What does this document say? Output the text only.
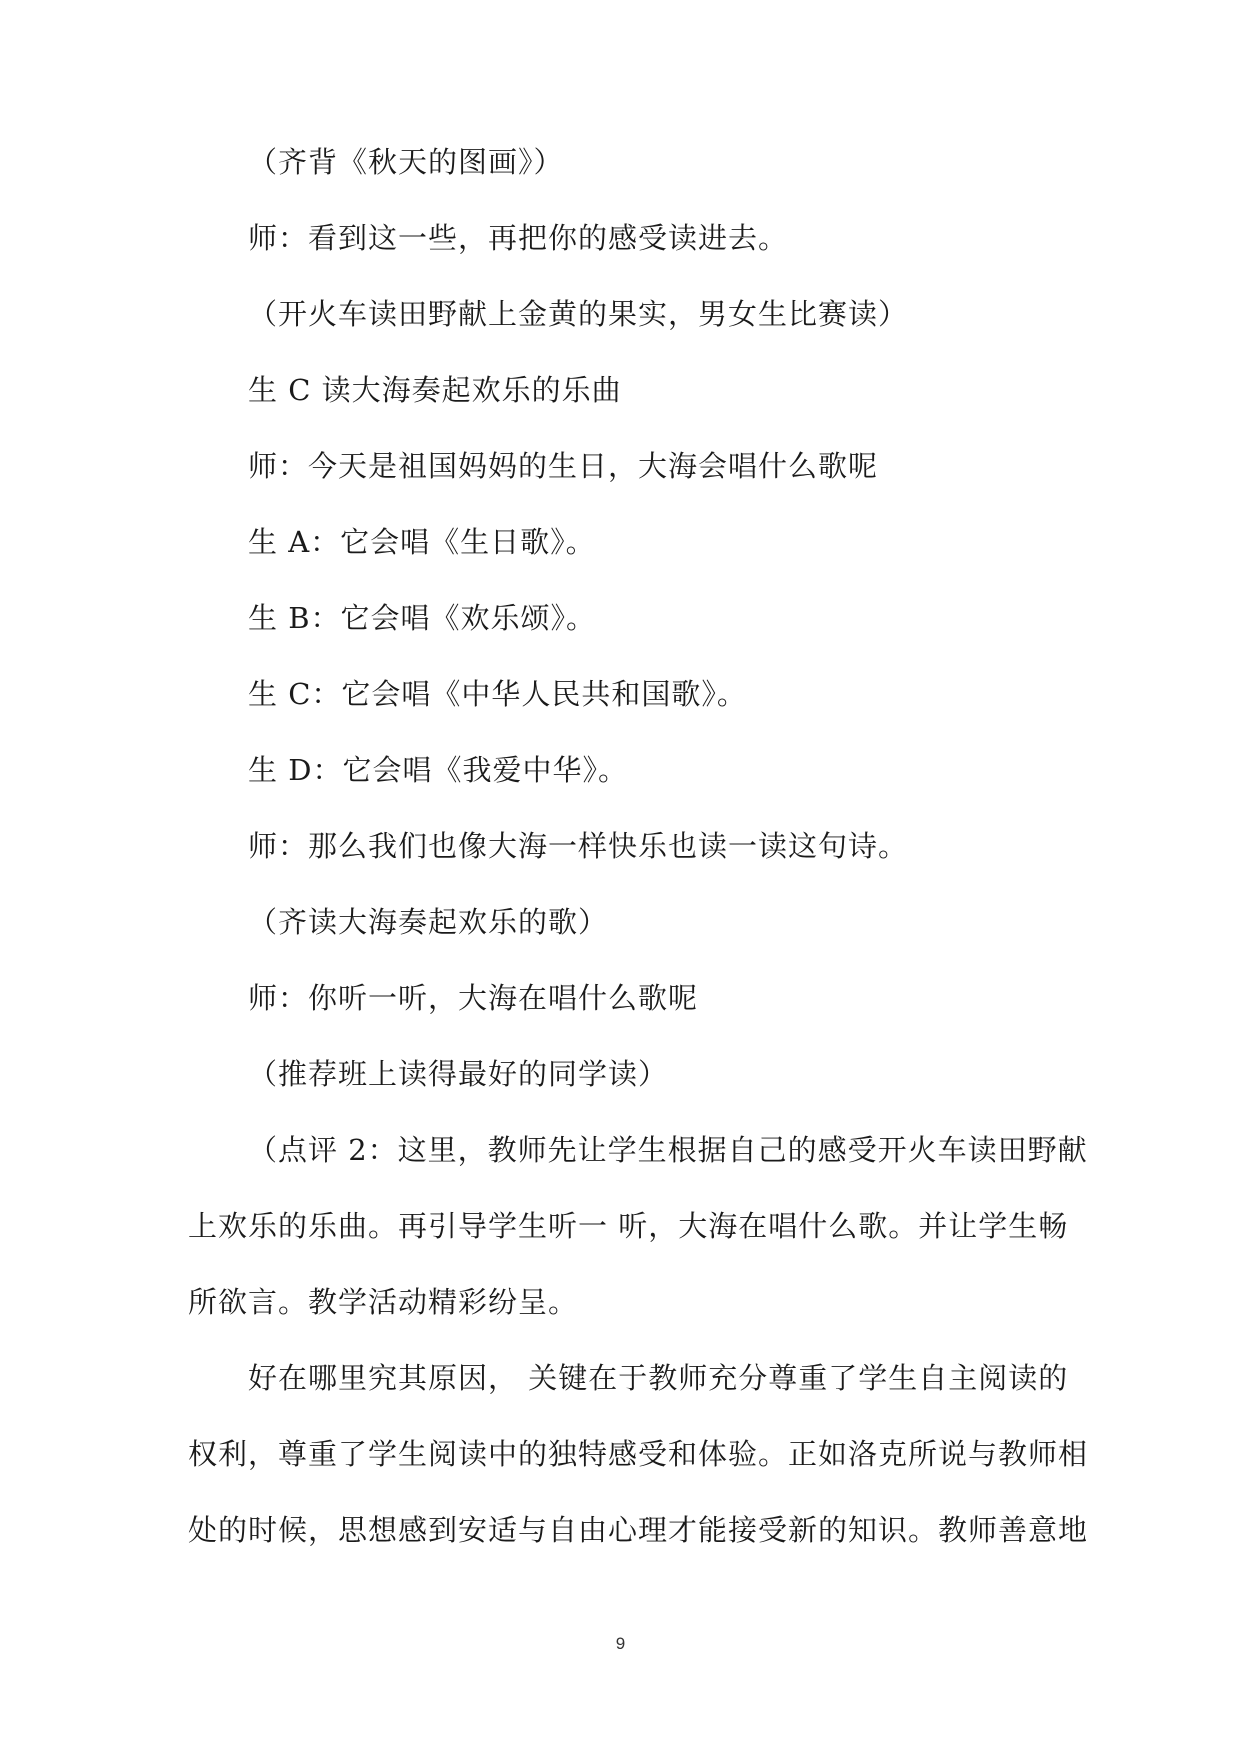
（齐背《秋天的图画》）
师：看到这一些，再把你的感受读进去。
（开火车读田野献上金黄的果实，男女生比赛读）
生 C 读大海奏起欢乐的乐曲
师：今天是祖国妈妈的生日，大海会唱什么歌呢
生 A：它会唱《生日歌》。
生 B：它会唱《欢乐颂》。
生 C：它会唱《中华人民共和国歌》。
生 D：它会唱《我爱中华》。
师：那么我们也像大海一样快乐也读一读这句诗。
（齐读大海奏起欢乐的歌）
师：你听一听，大海在唱什么歌呢
（推荐班上读得最好的同学读）
（点评 2：这里，教师先让学生根据自己的感受开火车读田野献
上欢乐的乐曲。再引导学生听一 听，大海在唱什么歌。并让学生畅
所欲言。教学活动精彩纷呈。
好在哪里究其原因， 关键在于教师充分尊重了学生自主阅读的
权利，尊重了学生阅读中的独特感受和体验。正如洛克所说与教师相
处的时候，思想感到安适与自由心理才能接受新的知识。教师善意地
9
